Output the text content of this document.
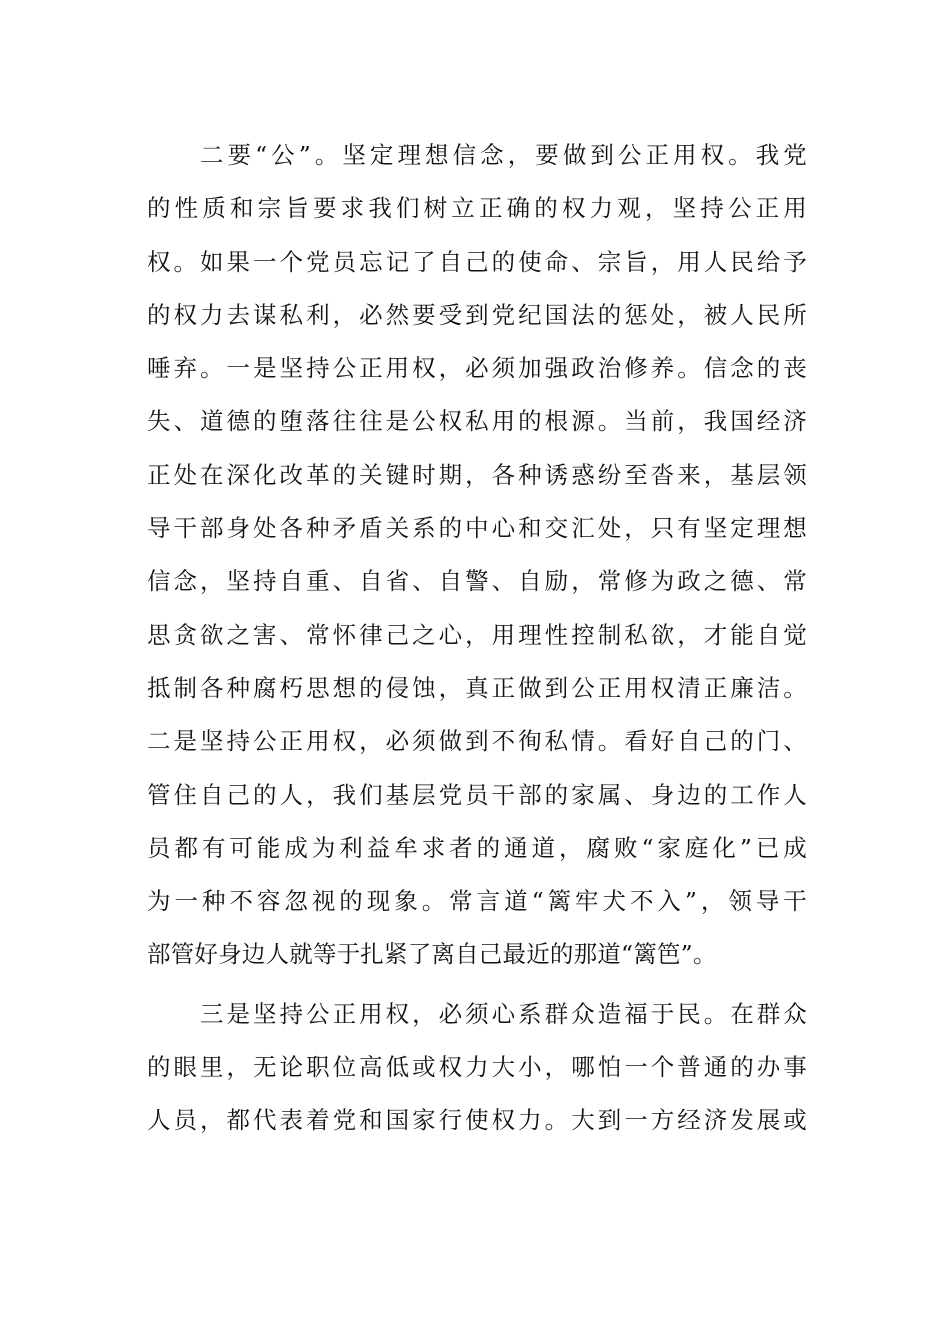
二要“公”。坚定理想信念，要做到公正用权。我党
的性质和宗旨要求我们树立正确的权力观，坚持公正用
权。如果一个党员忘记了自己的使命、宗旨，用人民给予
的权力去谋私利，必然要受到党纪国法的惩处，被人民所
唾弃。一是坚持公正用权，必须加强政治修养。信念的丧
失、道德的堕落往往是公权私用的根源。当前，我国经济
正处在深化改革的关键时期，各种诱惑纷至沓来，基层领
导干部身处各种矛盾关系的中心和交汇处，只有坚定理想
信念，坚持自重、自省、自警、自励，常修为政之德、常
思贪欲之害、常怀律己之心，用理性控制私欲，才能自觉
抵制各种腐朽思想的侵蚀，真正做到公正用权清正廉洁。
二是坚持公正用权，必须做到不徇私情。看好自己的门、
管住自己的人，我们基层党员干部的家属、身边的工作人
员都有可能成为利益牟求者的通道，腐败“家庭化”已成
为一种不容忽视的现象。常言道“篱牢犬不入”，领导干
部管好身边人就等于扎紧了离自己最近的那道“篱笆”。
三是坚持公正用权，必须心系群众造福于民。在群众
的眼里，无论职位高低或权力大小，哪怕一个普通的办事
人员，都代表着党和国家行使权力。大到一方经济发展或
